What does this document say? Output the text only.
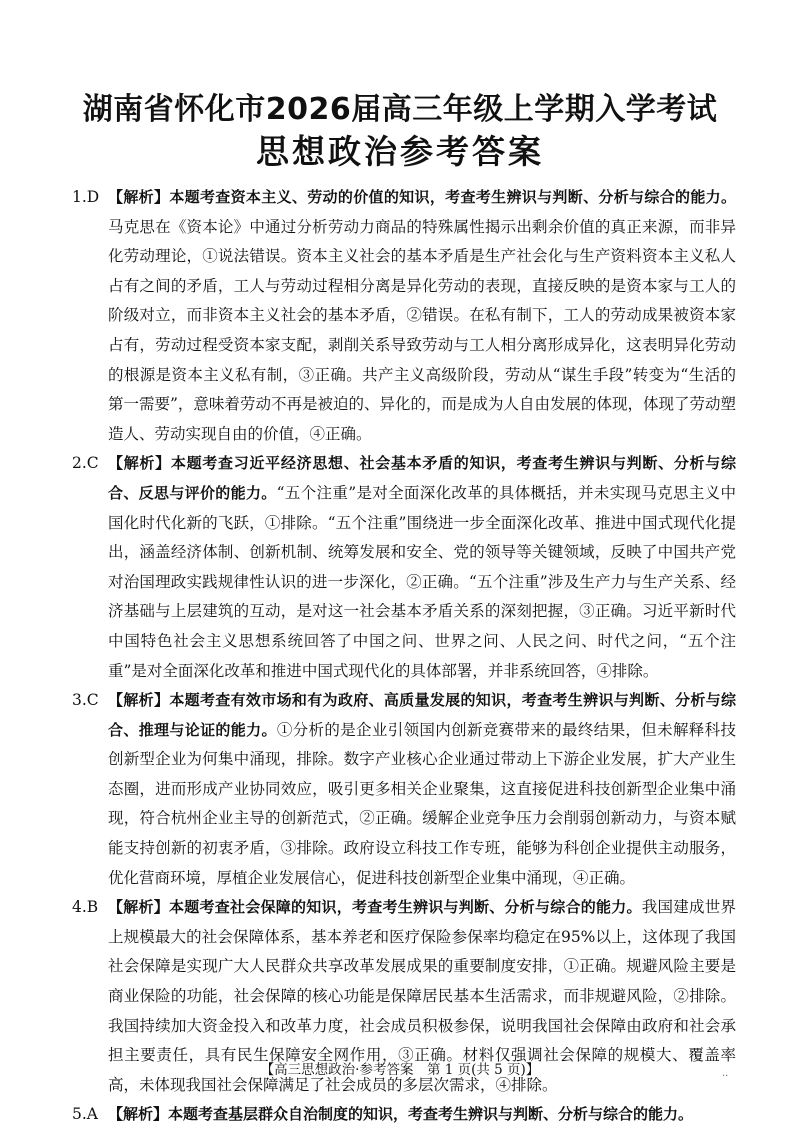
湖南省怀化市2026届高三年级上学期入学考试
思想政治参考答案

1.D 【解析】本题考查资本主义、劳动的价值的知识，考查考生辨识与判断、分析与综合的能力。马克思在《资本论》中通过分析劳动力商品的特殊属性揭示出剩余价值的真正来源，而非异化劳动理论，①说法错误。资本主义社会的基本矛盾是生产社会化与生产资料资本主义私人占有之间的矛盾，工人与劳动过程相分离是异化劳动的表现，直接反映的是资本家与工人的阶级对立，而非资本主义社会的基本矛盾，②错误。在私有制下，工人的劳动成果被资本家占有，劳动过程受资本家支配，剥削关系导致劳动与工人相分离形成异化，这表明异化劳动的根源是资本主义私有制，③正确。共产主义高级阶段，劳动从“谋生手段”转变为“生活的第一需要”，意味着劳动不再是被迫的、异化的，而是成为人自由发展的体现，体现了劳动塑造人、劳动实现自由的价值，④正确。

2.C 【解析】本题考查习近平经济思想、社会基本矛盾的知识，考查考生辨识与判断、分析与综合、反思与评价的能力。“五个注重”是对全面深化改革的具体概括，并未实现马克思主义中国化时代化新的飞跃，①排除。“五个注重”围绕进一步全面深化改革、推进中国式现代化提出，涵盖经济体制、创新机制、统筹发展和安全、党的领导等关键领域，反映了中国共产党对治国理政实践规律性认识的进一步深化，②正确。“五个注重”涉及生产力与生产关系、经济基础与上层建筑的互动，是对这一社会基本矛盾关系的深刻把握，③正确。习近平新时代中国特色社会主义思想系统回答了中国之问、世界之问、人民之问、时代之问，“五个注重”是对全面深化改革和推进中国式现代化的具体部署，并非系统回答，④排除。

3.C 【解析】本题考查有效市场和有为政府、高质量发展的知识，考查考生辨识与判断、分析与综合、推理与论证的能力。①分析的是企业引领国内创新竞赛带来的最终结果，但未解释科技创新型企业为何集中涌现，排除。数字产业核心企业通过带动上下游企业发展，扩大产业生态圈，进而形成产业协同效应，吸引更多相关企业聚集，这直接促进科技创新型企业集中涌现，符合杭州企业主导的创新范式，②正确。缓解企业竞争压力会削弱创新动力，与资本赋能支持创新的初衷矛盾，③排除。政府设立科技工作专班，能够为科创企业提供主动服务，优化营商环境，厚植企业发展信心，促进科技创新型企业集中涌现，④正确。

4.B 【解析】本题考查社会保障的知识，考查考生辨识与判断、分析与综合的能力。我国建成世界上规模最大的社会保障体系，基本养老和医疗保险参保率均稳定在95%以上，这体现了我国社会保障是实现广大人民群众共享改革发展成果的重要制度安排，①正确。规避风险主要是商业保险的功能，社会保障的核心功能是保障居民基本生活需求，而非规避风险，②排除。我国持续加大资金投入和改革力度，社会成员积极参保，说明我国社会保障由政府和社会承担主要责任，具有民生保障安全网作用，③正确。材料仅强调社会保障的规模大、覆盖率高，未体现我国社会保障满足了社会成员的多层次需求，④排除。

5.A 【解析】本题考查基层群众自治制度的知识，考查考生辨识与判断、分析与综合的能力。

【高三思想政治·参考答案　第 1 页(共 5 页)】	..
